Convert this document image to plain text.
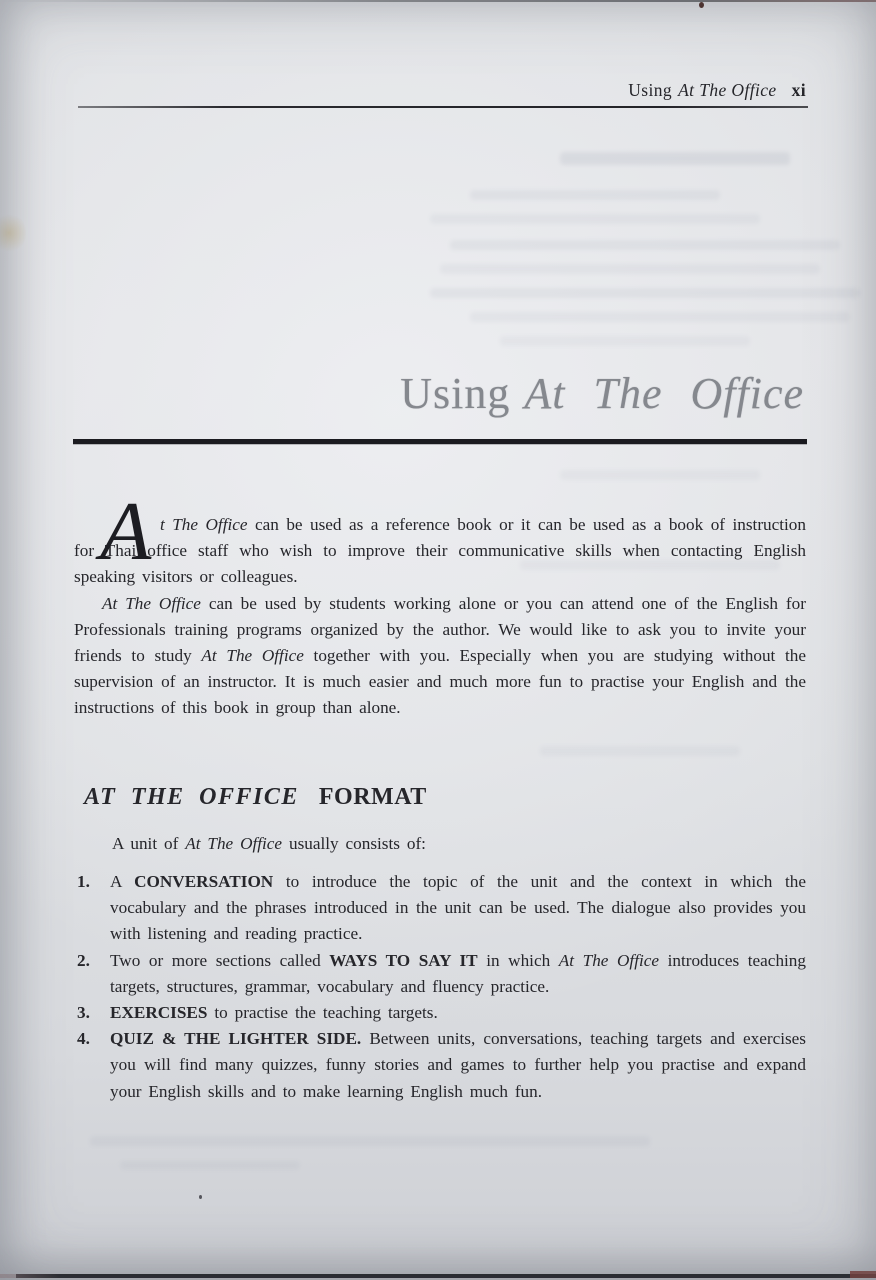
Using At The Office xi
Using At The Office
A t The Office can be used as a reference book or it can be used as a book of instruction for Thai office staff who wish to improve their communicative skills when contacting English speaking visitors or colleagues.

At The Office can be used by students working alone or you can attend one of the English for Professionals training programs organized by the author. We would like to ask you to invite your friends to study At The Office together with you. Especially when you are studying without the supervision of an instructor. It is much easier and much more fun to practise your English and the instructions of this book in group than alone.

AT THE OFFICE FORMAT

A unit of At The Office usually consists of:

1. A CONVERSATION to introduce the topic of the unit and the context in which the vocabulary and the phrases introduced in the unit can be used. The dialogue also provides you with listening and reading practice.
2. Two or more sections called WAYS TO SAY IT in which At The Office introduces teaching targets, structures, grammar, vocabulary and fluency practice.
3. EXERCISES to practise the teaching targets.
4. QUIZ & THE LIGHTER SIDE. Between units, conversations, teaching targets and exercises you will find many quizzes, funny stories and games to further help you practise and expand your English skills and to make learning English much fun.
